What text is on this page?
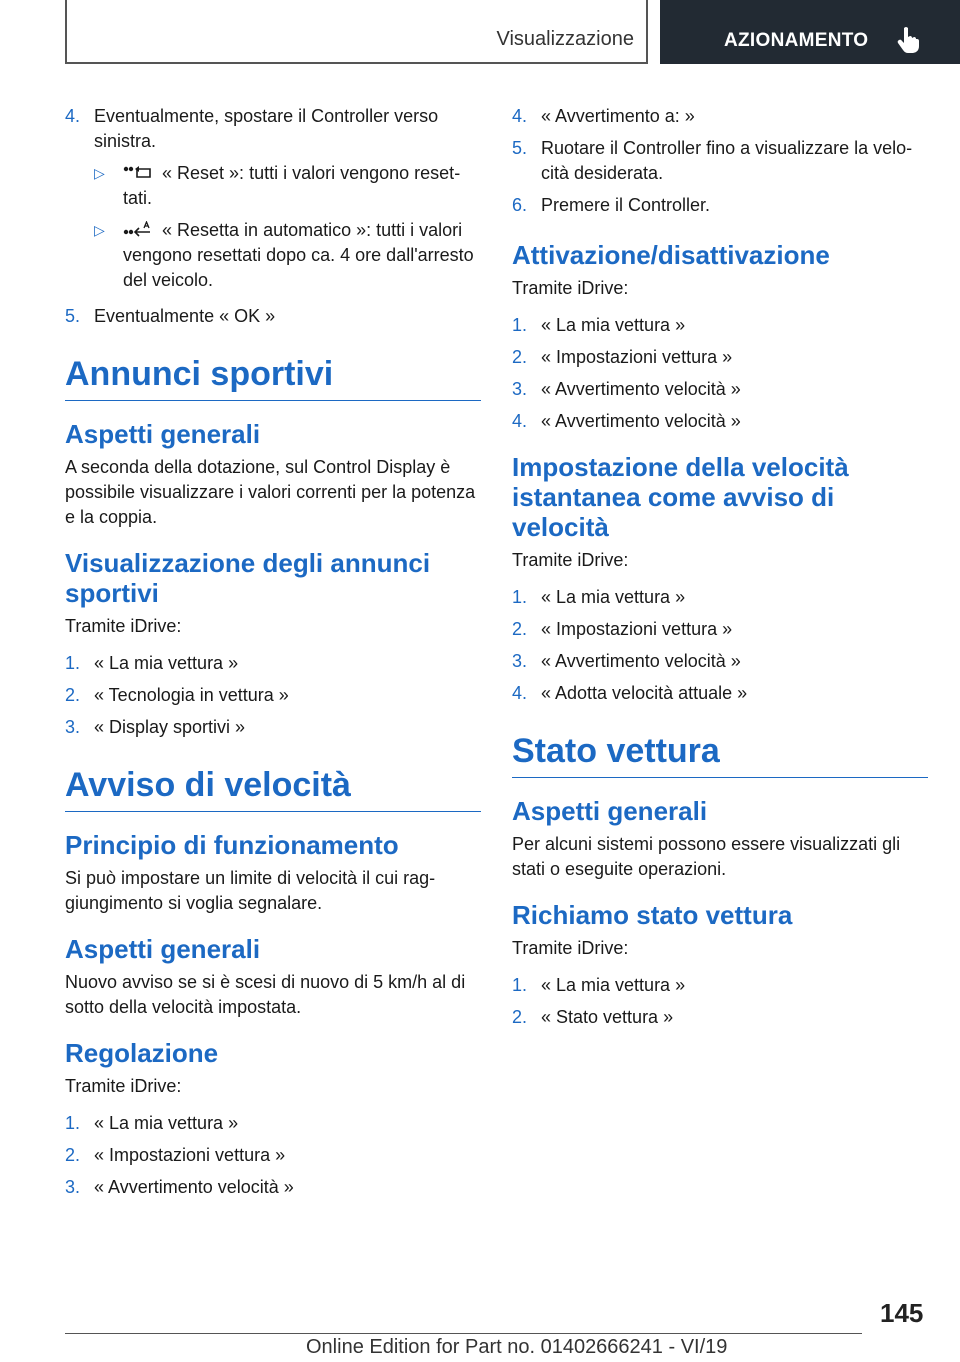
Visualizzazione	AZIONAMENTO
4. Eventualmente, spostare il Controller verso sinistra.
▷	« Reset »: tutti i valori vengono resettati.
▷	« Resetta in automatico »: tutti i valori vengono resettati dopo ca. 4 ore dall'arresto del veicolo.
5. Eventualmente « OK »
Annunci sportivi
Aspetti generali
A seconda della dotazione, sul Control Display è possibile visualizzare i valori correnti per la potenza e la coppia.
Visualizzazione degli annunci sportivi
Tramite iDrive:
1. « La mia vettura »
2. « Tecnologia in vettura »
3. « Display sportivi »
Avviso di velocità
Principio di funzionamento
Si può impostare un limite di velocità il cui raggiungimento si voglia segnalare.
Aspetti generali
Nuovo avviso se si è scesi di nuovo di 5 km/h al di sotto della velocità impostata.
Regolazione
Tramite iDrive:
1. « La mia vettura »
2. « Impostazioni vettura »
3. « Avvertimento velocità »
4. « Avvertimento a: »
5. Ruotare il Controller fino a visualizzare la velocità desiderata.
6. Premere il Controller.
Attivazione/disattivazione
Tramite iDrive:
1. « La mia vettura »
2. « Impostazioni vettura »
3. « Avvertimento velocità »
4. « Avvertimento velocità »
Impostazione della velocità istantanea come avviso di velocità
Tramite iDrive:
1. « La mia vettura »
2. « Impostazioni vettura »
3. « Avvertimento velocità »
4. « Adotta velocità attuale »
Stato vettura
Aspetti generali
Per alcuni sistemi possono essere visualizzati gli stati o eseguite operazioni.
Richiamo stato vettura
Tramite iDrive:
1. « La mia vettura »
2. « Stato vettura »
145
Online Edition for Part no. 01402666241 - VI/19
